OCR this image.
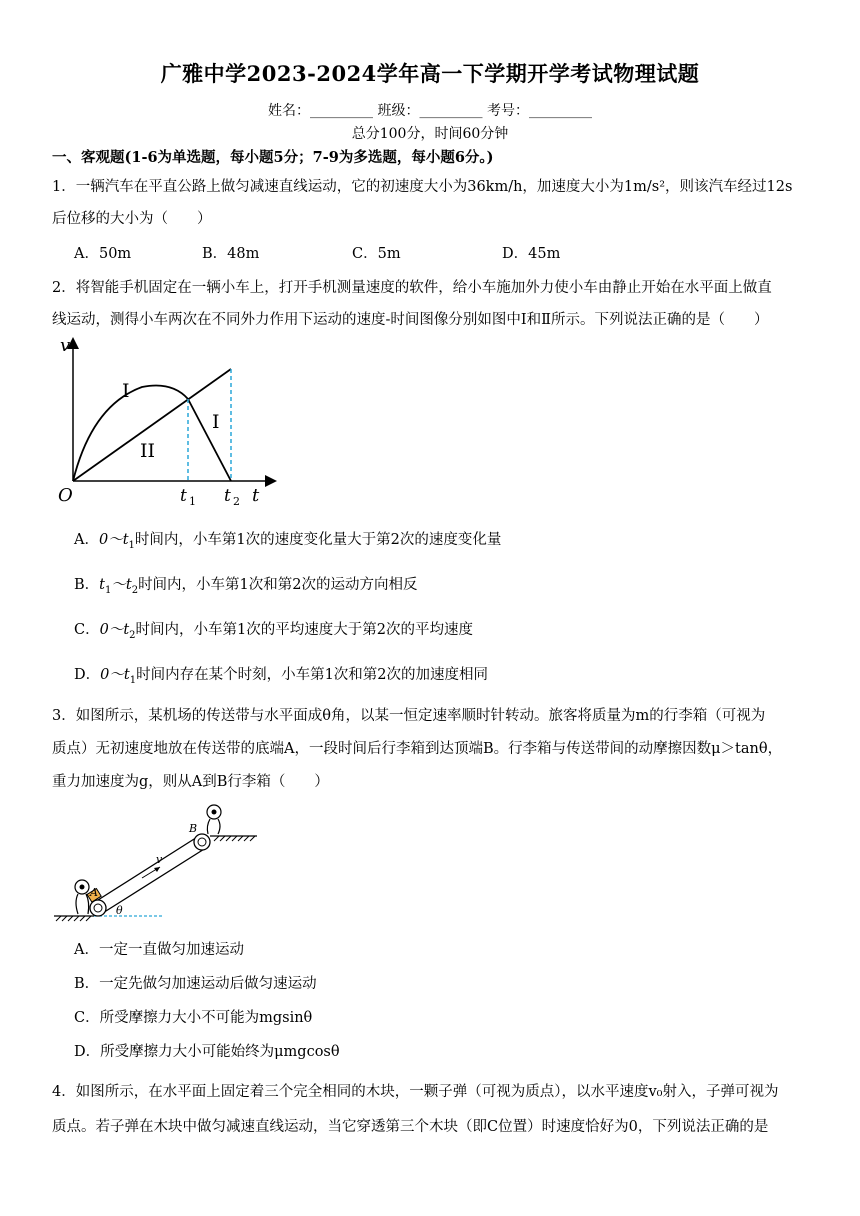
广雅中学2023-2024学年高一下学期开学考试物理试题
姓名：_________ 班级：_________ 考号：_________
总分100分，时间60分钟
一、客观题(1-6为单选题，每小题5分；7-9为多选题，每小题6分。)
1．一辆汽车在平直公路上做匀减速直线运动，它的初速度大小为36km/h，加速度大小为1m/s²，则该汽车经过12s
后位移的大小为（　　）
A．50m	B．48m	C．5m	D．45m
2．将智能手机固定在一辆小车上，打开手机测量速度的软件，给小车施加外力使小车由静止开始在水平面上做直
线运动，测得小车两次在不同外力作用下运动的速度-时间图像分别如图中Ⅰ和Ⅱ所示。下列说法正确的是（　　）
v
t
O	t 1 t 2
I
II
I
A．$0\sim t_1$时间内，小车第1次的速度变化量大于第2次的速度变化量
B．$t_1\sim t_2$时间内，小车第1次和第2次的运动方向相反
C．$0\sim t_2$时间内，小车第1次的平均速度大于第2次的平均速度
D．$0\sim t_1$时间内存在某个时刻，小车第1次和第2次的加速度相同
3．如图所示，某机场的传送带与水平面成θ角，以某一恒定速率顺时针转动。旅客将质量为m的行李箱（可视为
质点）无初速度地放在传送带的底端A，一段时间后行李箱到达顶端B。行李箱与传送带间的动摩擦因数μ＞tanθ，
重力加速度为g，则从A到B行李箱（　　）
v
A
B
θ
A．一定一直做匀加速运动
B．一定先做匀加速运动后做匀速运动
C．所受摩擦力大小不可能为mgsinθ
D．所受摩擦力大小可能始终为μmgcosθ
4．如图所示，在水平面上固定着三个完全相同的木块，一颗子弹（可视为质点），以水平速度v₀射入，子弹可视为
质点。若子弹在木块中做匀减速直线运动，当它穿透第三个木块（即C位置）时速度恰好为0，下列说法正确的是
